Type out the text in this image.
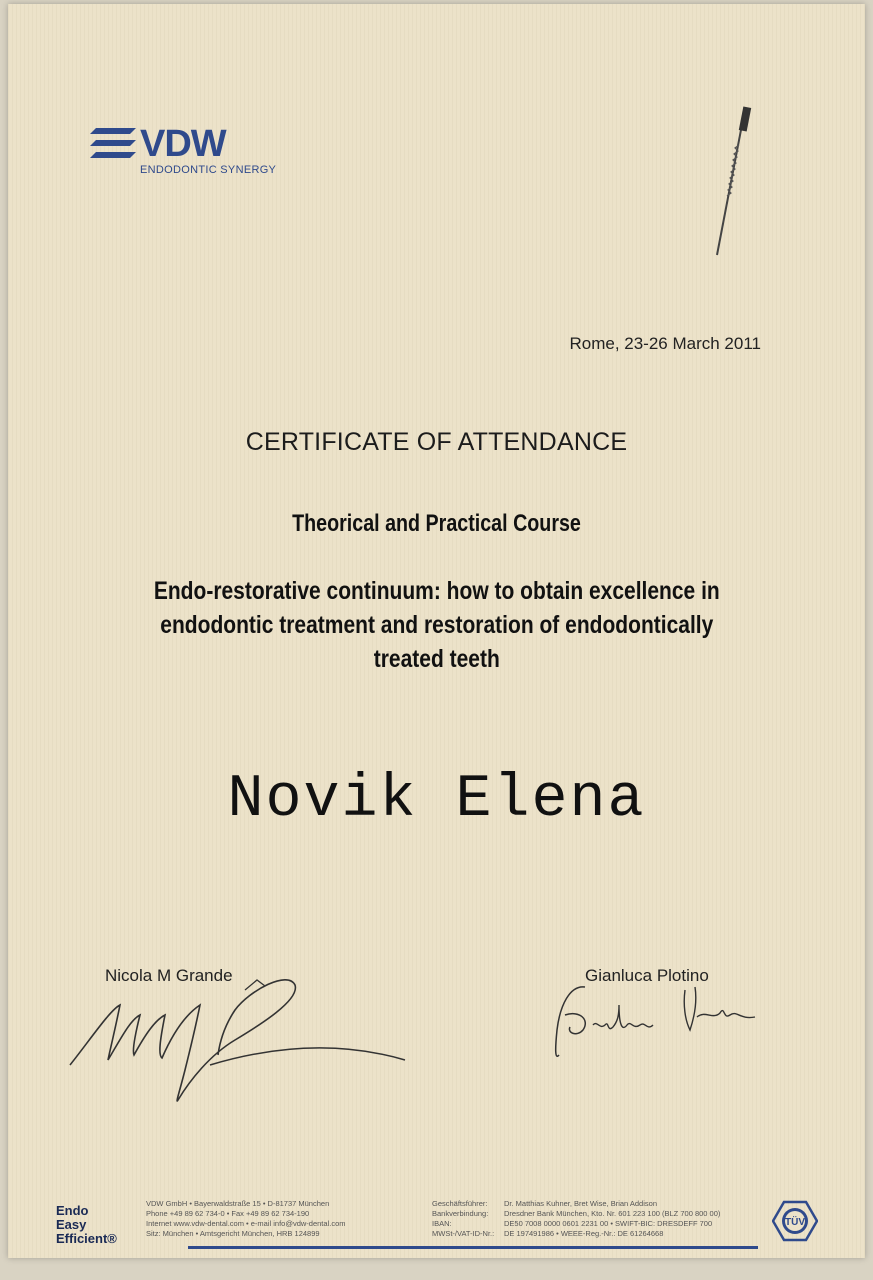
VDW
ENDODONTIC SYNERGY
Rome, 23-26 March 2011
CERTIFICATE OF ATTENDANCE
Theorical and Practical Course
Endo-restorative continuum: how to obtain excellence in
endodontic treatment and restoration of endodontically
treated teeth
Novik Elena
Nicola M Grande	Gianluca Plotino
Endo
Easy
Efficient®
VDW GmbH • Bayerwaldstraße 15 • D-81737 München
Phone +49 89 62 734-0 • Fax +49 89 62 734-190
Internet www.vdw-dental.com • e-mail info@vdw-dental.com
Sitz: München • Amtsgericht München, HRB 124899
Geschäftsführer:
Bankverbindung:
IBAN:
MWSt-/VAT-ID-Nr.:
Dr. Matthias Kuhner, Bret Wise, Brian Addison
Dresdner Bank München, Kto. Nr. 601 223 100 (BLZ 700 800 00)
DE50 7008 0000 0601 2231 00 • SWIFT-BIC: DRESDEFF 700
DE 197491986 • WEEE-Reg.-Nr.: DE 61264668
TÜV
